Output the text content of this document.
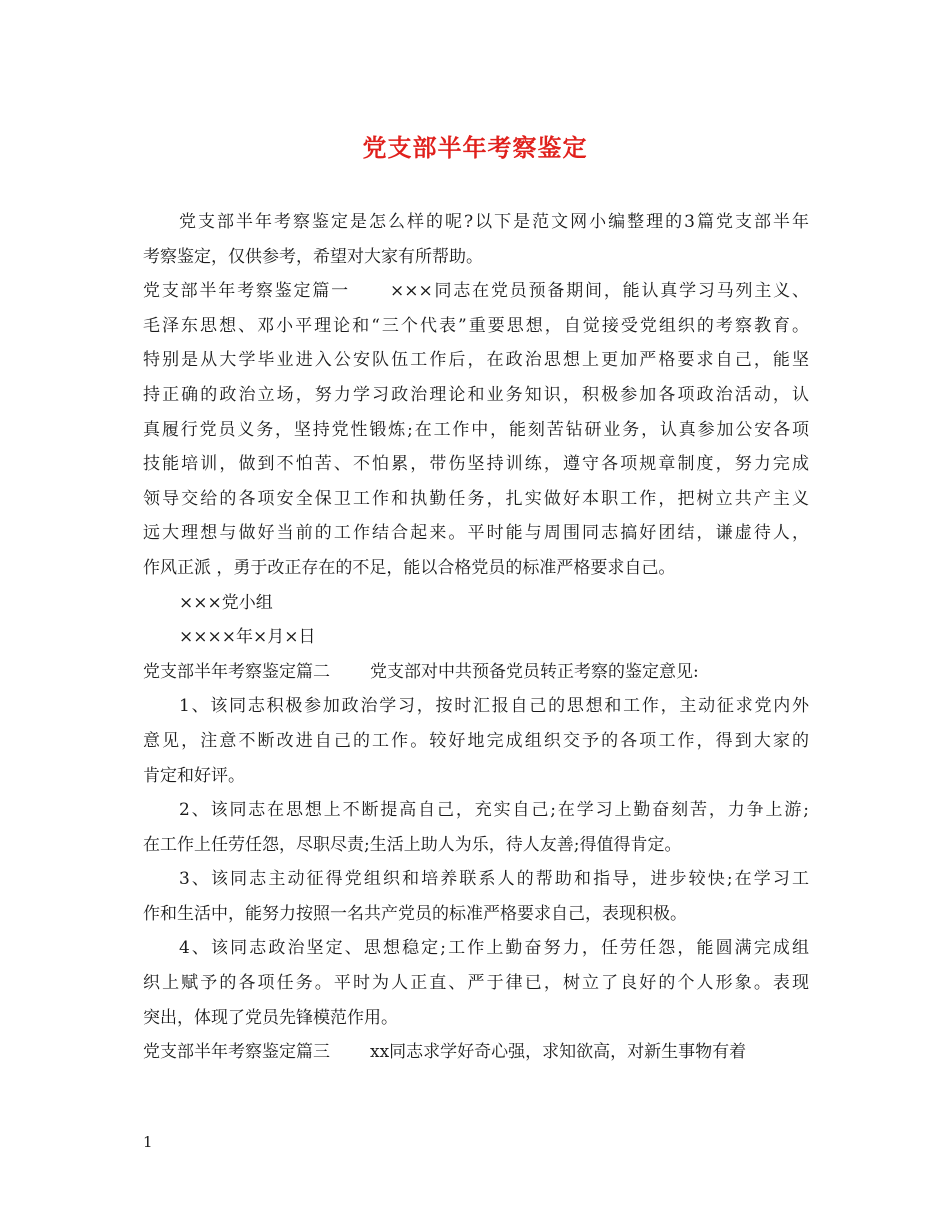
党支部半年考察鉴定
党支部半年考察鉴定是怎么样的呢?以下是范文网小编整理的3篇党支部半年
考察鉴定，仅供参考，希望对大家有所帮助。
党支部半年考察鉴定篇一 ×××同志在党员预备期间，能认真学习马列主义、
毛泽东思想、邓小平理论和“三个代表”重要思想，自觉接受党组织的考察教育。
特别是从大学毕业进入公安队伍工作后，在政治思想上更加严格要求自己，能坚
持正确的政治立场，努力学习政治理论和业务知识，积极参加各项政治活动，认
真履行党员义务，坚持党性锻炼;在工作中，能刻苦钻研业务，认真参加公安各项
技能培训，做到不怕苦、不怕累，带伤坚持训练，遵守各项规章制度，努力完成
领导交给的各项安全保卫工作和执勤任务，扎实做好本职工作，把树立共产主义
远大理想与做好当前的工作结合起来。平时能与周围同志搞好团结，谦虚待人，
作风正派 ，勇于改正存在的不足，能以合格党员的标准严格要求自己。
×××党小组
××××年×月×日
党支部半年考察鉴定篇二 党支部对中共预备党员转正考察的鉴定意见:
1、该同志积极参加政治学习，按时汇报自己的思想和工作，主动征求党内外
意见，注意不断改进自己的工作。较好地完成组织交予的各项工作，得到大家的
肯定和好评。
2、该同志在思想上不断提高自己，充实自己;在学习上勤奋刻苦，力争上游;
在工作上任劳任怨，尽职尽责;生活上助人为乐，待人友善;得值得肯定。
3、该同志主动征得党组织和培养联系人的帮助和指导，进步较快;在学习工
作和生活中，能努力按照一名共产党员的标准严格要求自己，表现积极。
4、该同志政治坚定、思想稳定;工作上勤奋努力，任劳任怨，能圆满完成组
织上赋予的各项任务。平时为人正直、严于律已，树立了良好的个人形象。表现
突出，体现了党员先锋模范作用。
党支部半年考察鉴定篇三 xx同志求学好奇心强，求知欲高，对新生事物有着
1
